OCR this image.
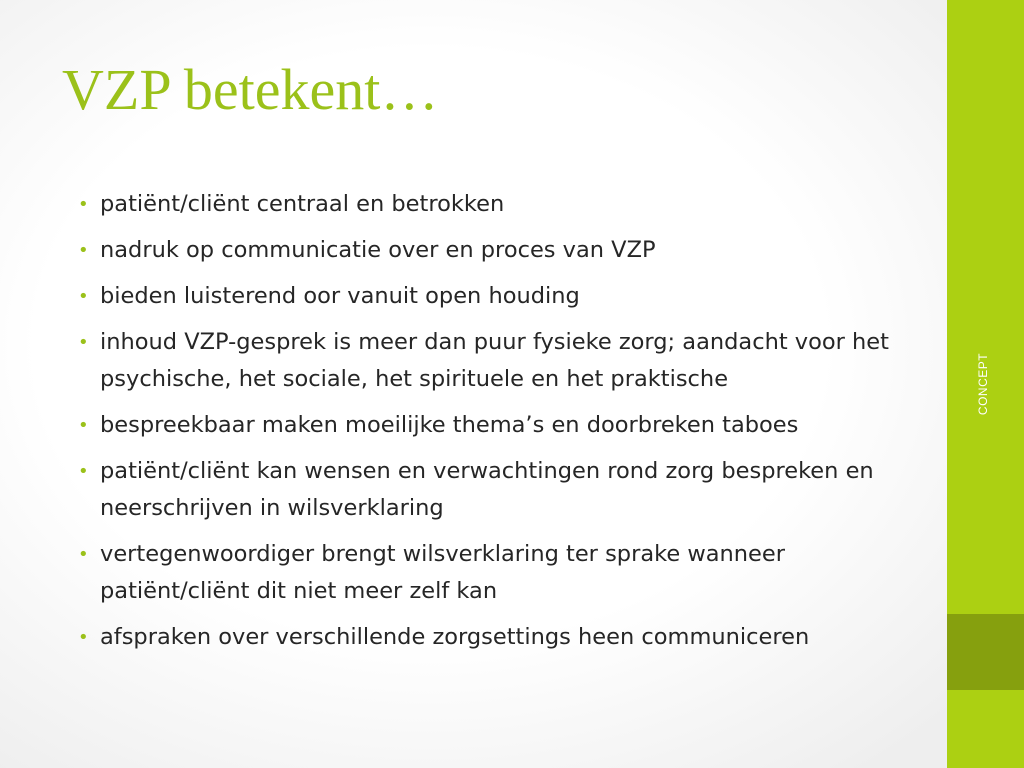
VZP betekent…
• patiënt/cliënt centraal en betrokken
• nadruk op communicatie over en proces van VZP
• bieden luisterend oor vanuit open houding
• inhoud VZP-gesprek is meer dan puur fysieke zorg; aandacht voor het psychische, het sociale, het spirituele en het praktische
• bespreekbaar maken moeilijke thema’s en doorbreken taboes
• patiënt/cliënt kan wensen en verwachtingen rond zorg bespreken en neerschrijven in wilsverklaring
• vertegenwoordiger brengt wilsverklaring ter sprake wanneer patiënt/cliënt dit niet meer zelf kan
• afspraken over verschillende zorgsettings heen communiceren
CONCEPT
